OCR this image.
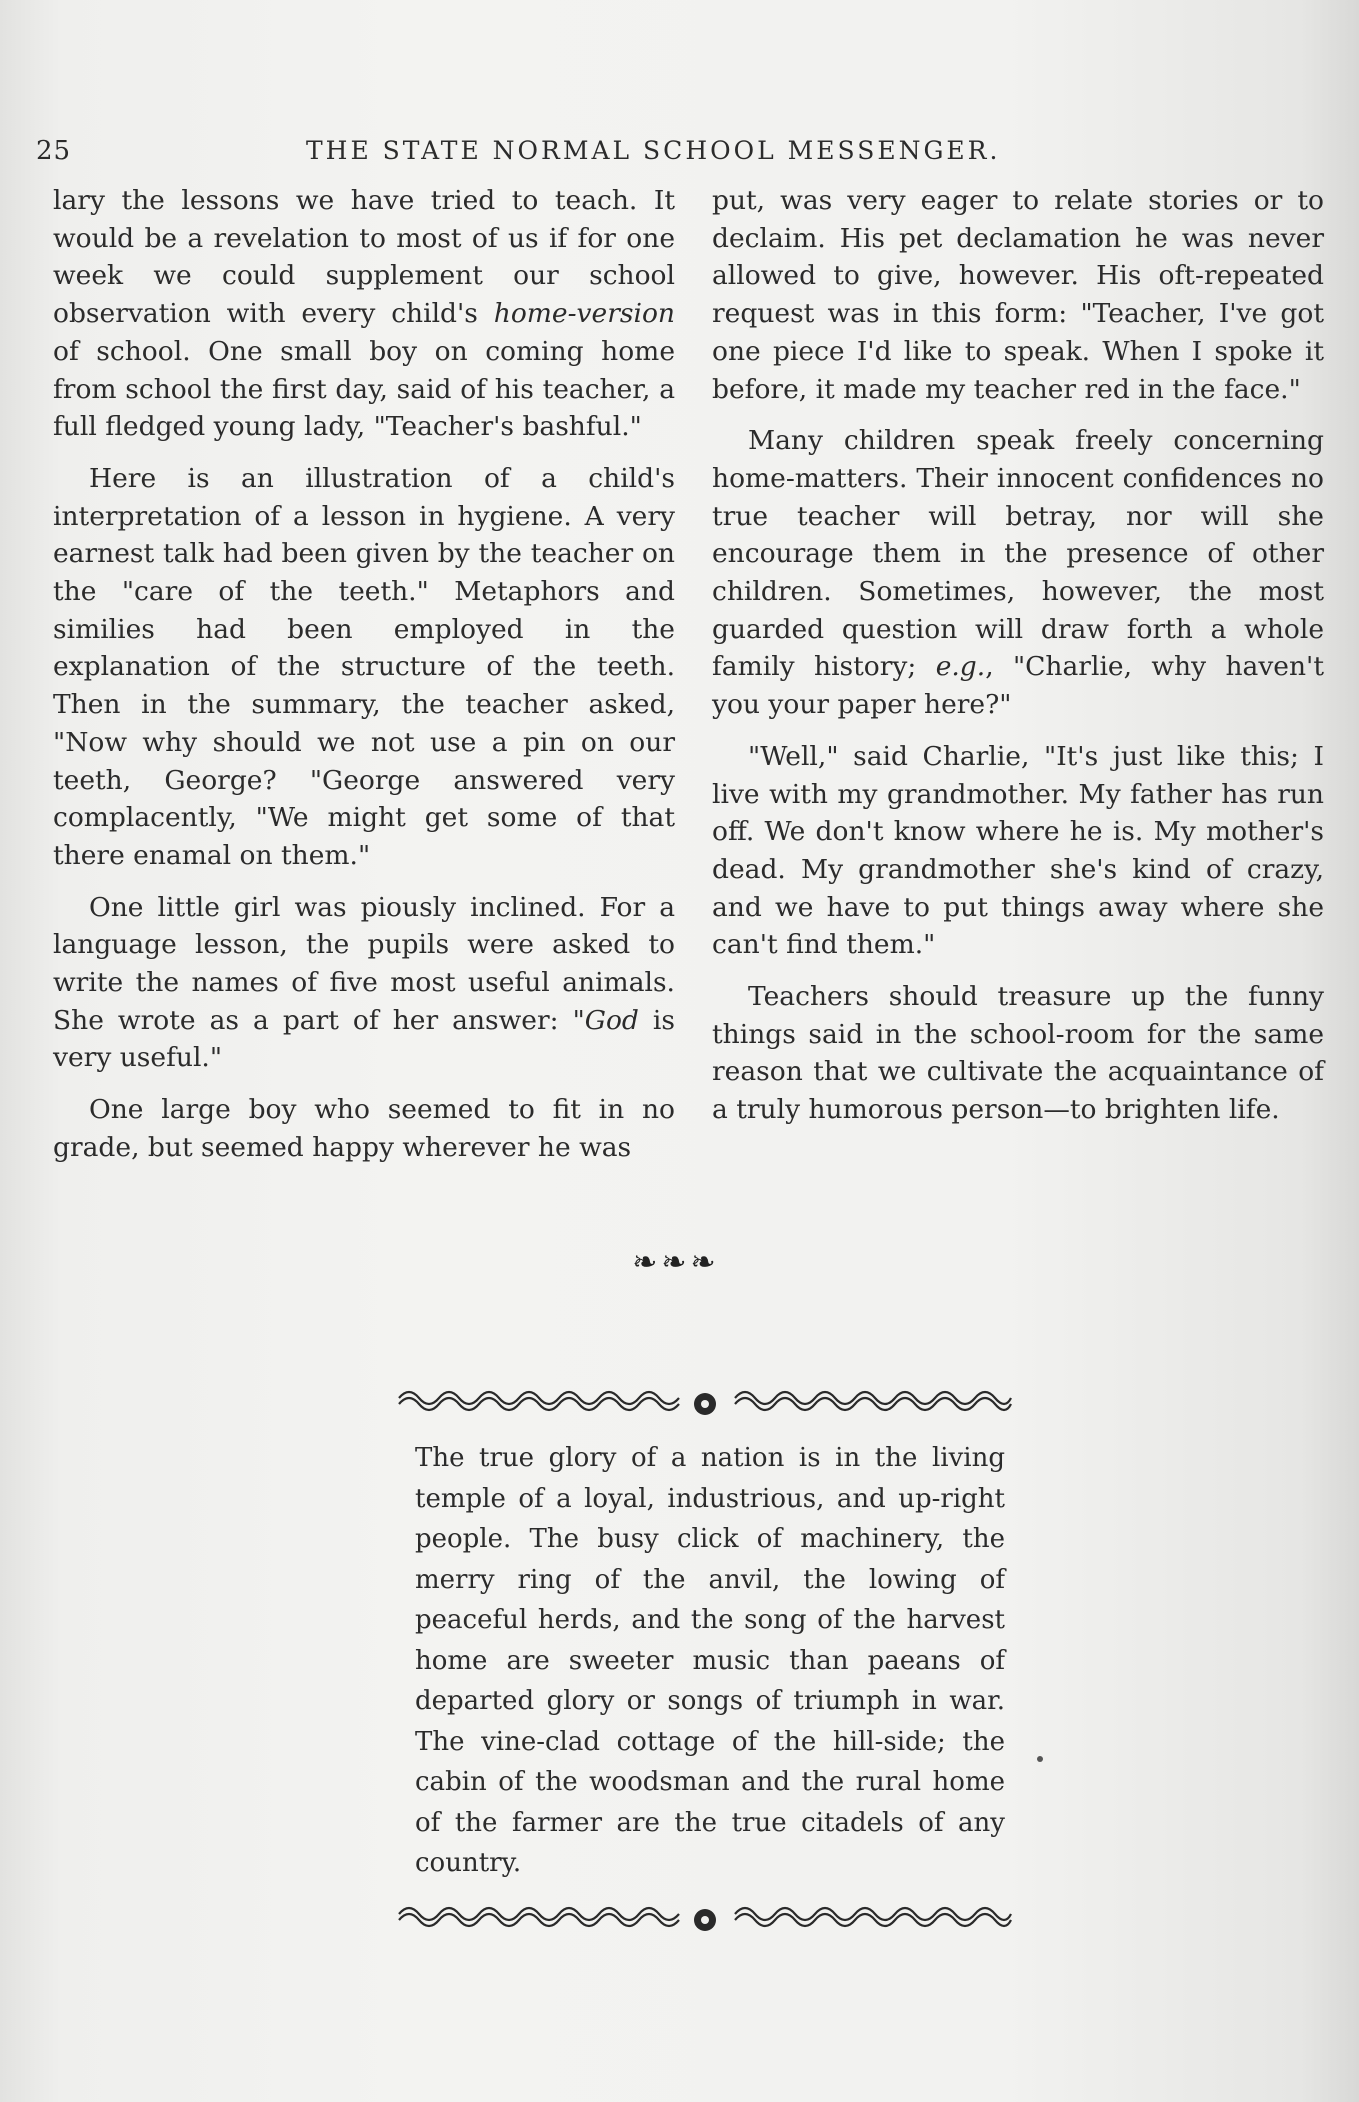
25	THE STATE NORMAL SCHOOL MESSENGER.

lary the lessons we have tried to teach. It would be a revelation to most of us if for one week we could supplement our school observation with every child's home-version of school. One small boy on coming home from school the first day, said of his teacher, a full fledged young lady, "Teacher's bashful."

Here is an illustration of a child's interpretation of a lesson in hygiene. A very earnest talk had been given by the teacher on the "care of the teeth." Metaphors and similies had been employed in the explanation of the structure of the teeth. Then in the summary, the teacher asked, "Now why should we not use a pin on our teeth, George? "George answered very complacently, "We might get some of that there enamal on them."

One little girl was piously inclined. For a language lesson, the pupils were asked to write the names of five most useful animals. She wrote as a part of her answer: "God is very useful."

One large boy who seemed to fit in no grade, but seemed happy wherever he was

put, was very eager to relate stories or to declaim. His pet declamation he was never allowed to give, however. His oft-repeated request was in this form: "Teacher, I've got one piece I'd like to speak. When I spoke it before, it made my teacher red in the face."

Many children speak freely concerning home-matters. Their innocent confidences no true teacher will betray, nor will she encourage them in the presence of other children. Sometimes, however, the most guarded question will draw forth a whole family history; e.g., "Charlie, why haven't you your paper here?"

"Well," said Charlie, "It's just like this; I live with my grandmother. My father has run off. We don't know where he is. My mother's dead. My grandmother she's kind of crazy, and we have to put things away where she can't find them."

Teachers should treasure up the funny things said in the school-room for the same reason that we cultivate the acquaintance of a truly humorous person—to brighten life.

❧❧❧

The true glory of a nation is in the living temple of a loyal, industrious, and up-right people. The busy click of machinery, the merry ring of the anvil, the lowing of peaceful herds, and the song of the harvest home are sweeter music than paeans of departed glory or songs of triumph in war. The vine-clad cottage of the hill-side; the cabin of the woodsman and the rural home of the farmer are the true citadels of any country.
